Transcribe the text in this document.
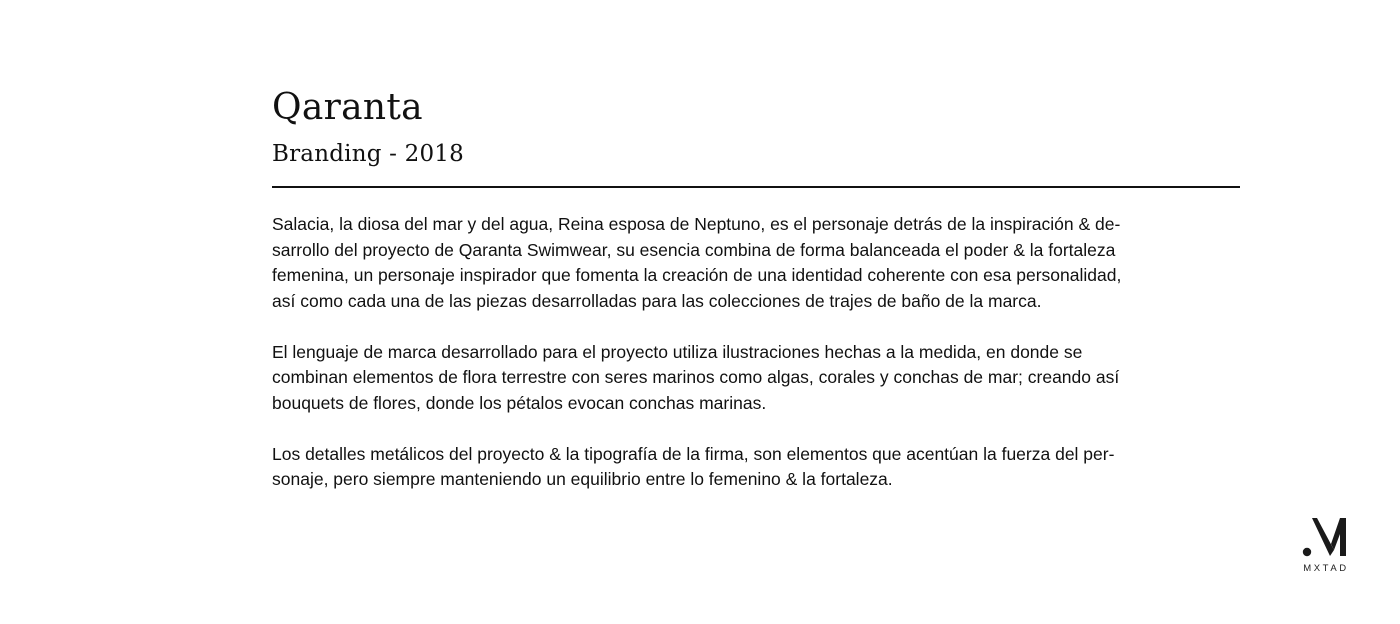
Qaranta
Branding - 2018

Salacia, la diosa del mar y del agua, Reina esposa de Neptuno, es el personaje detrás de la inspiración & de-
sarrollo del proyecto de Qaranta Swimwear, su esencia combina de forma balanceada el poder & la fortaleza
femenina, un personaje inspirador que fomenta la creación de una identidad coherente con esa personalidad,
así como cada una de las piezas desarrolladas para las colecciones de trajes de baño de la marca.

El lenguaje de marca desarrollado para el proyecto utiliza ilustraciones hechas a la medida, en donde se
combinan elementos de flora terrestre con seres marinos como algas, corales y conchas de mar; creando así
bouquets de flores, donde los pétalos evocan conchas marinas.

Los detalles metálicos del proyecto & la tipografía de la firma, son elementos que acentúan la fuerza del per-
sonaje, pero siempre manteniendo un equilibrio entre lo femenino & la fortaleza.

MXTAD
